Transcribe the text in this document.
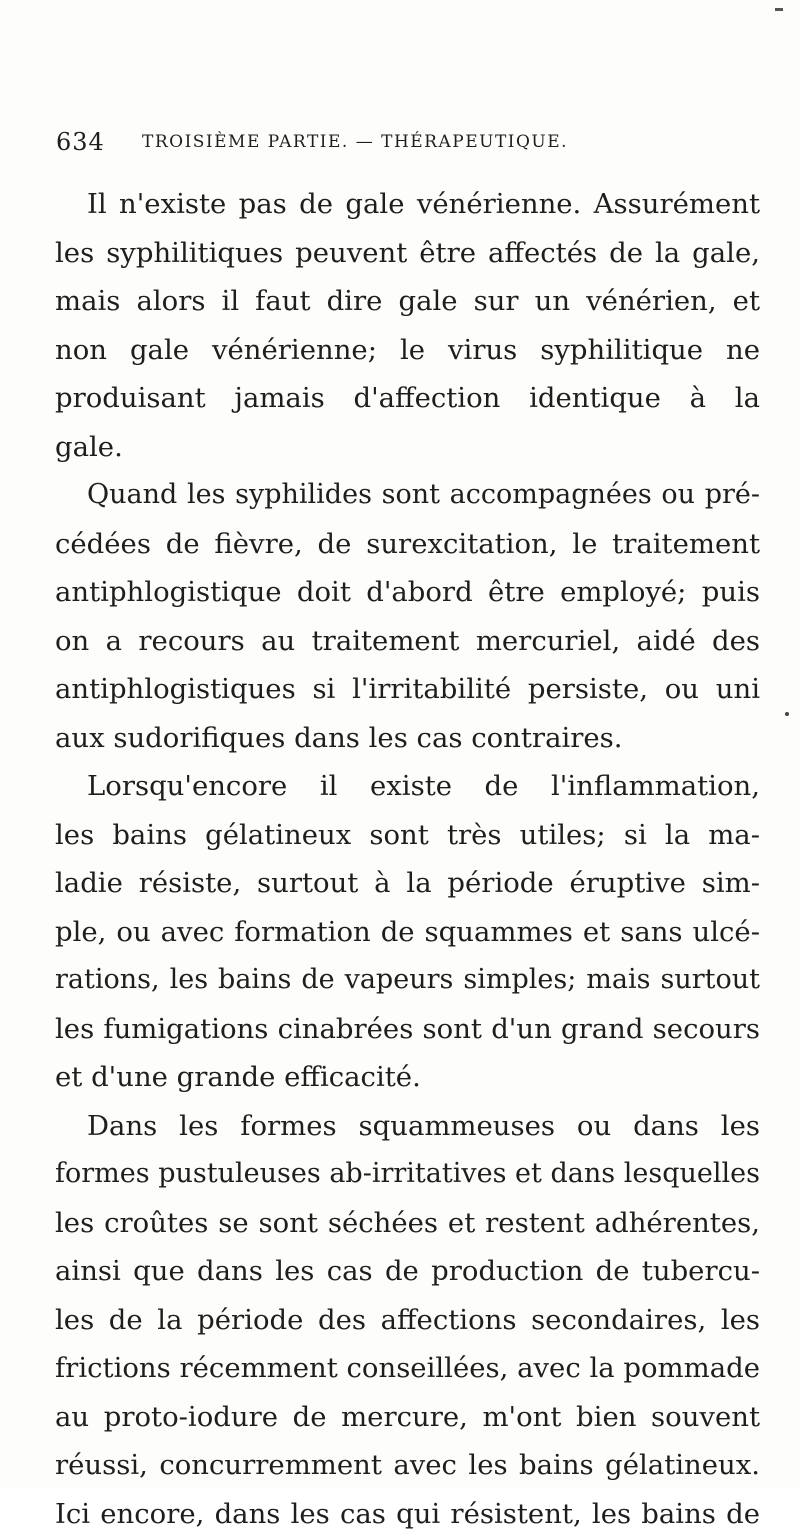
634 TROISIÈME PARTIE. — THÉRAPEUTIQUE.
Il n'existe pas de gale vénérienne. Assurément
les syphilitiques peuvent être affectés de la gale,
mais alors il faut dire gale sur un vénérien, et
non gale vénérienne; le virus syphilitique ne
produisant jamais d'affection identique à la
gale.
Quand les syphilides sont accompagnées ou pré-
cédées de fièvre, de surexcitation, le traitement
antiphlogistique doit d'abord être employé; puis
on a recours au traitement mercuriel, aidé des
antiphlogistiques si l'irritabilité persiste, ou uni
aux sudorifiques dans les cas contraires.
Lorsqu'encore il existe de l'inflammation,
les bains gélatineux sont très utiles; si la ma-
ladie résiste, surtout à la période éruptive sim-
ple, ou avec formation de squammes et sans ulcé-
rations, les bains de vapeurs simples; mais surtout
les fumigations cinabrées sont d'un grand secours
et d'une grande efficacité.
Dans les formes squammeuses ou dans les
formes pustuleuses ab-irritatives et dans lesquelles
les croûtes se sont séchées et restent adhérentes,
ainsi que dans les cas de production de tubercu-
les de la période des affections secondaires, les
frictions récemment conseillées, avec la pommade
au proto-iodure de mercure, m'ont bien souvent
réussi, concurremment avec les bains gélatineux.
Ici encore, dans les cas qui résistent, les bains de
